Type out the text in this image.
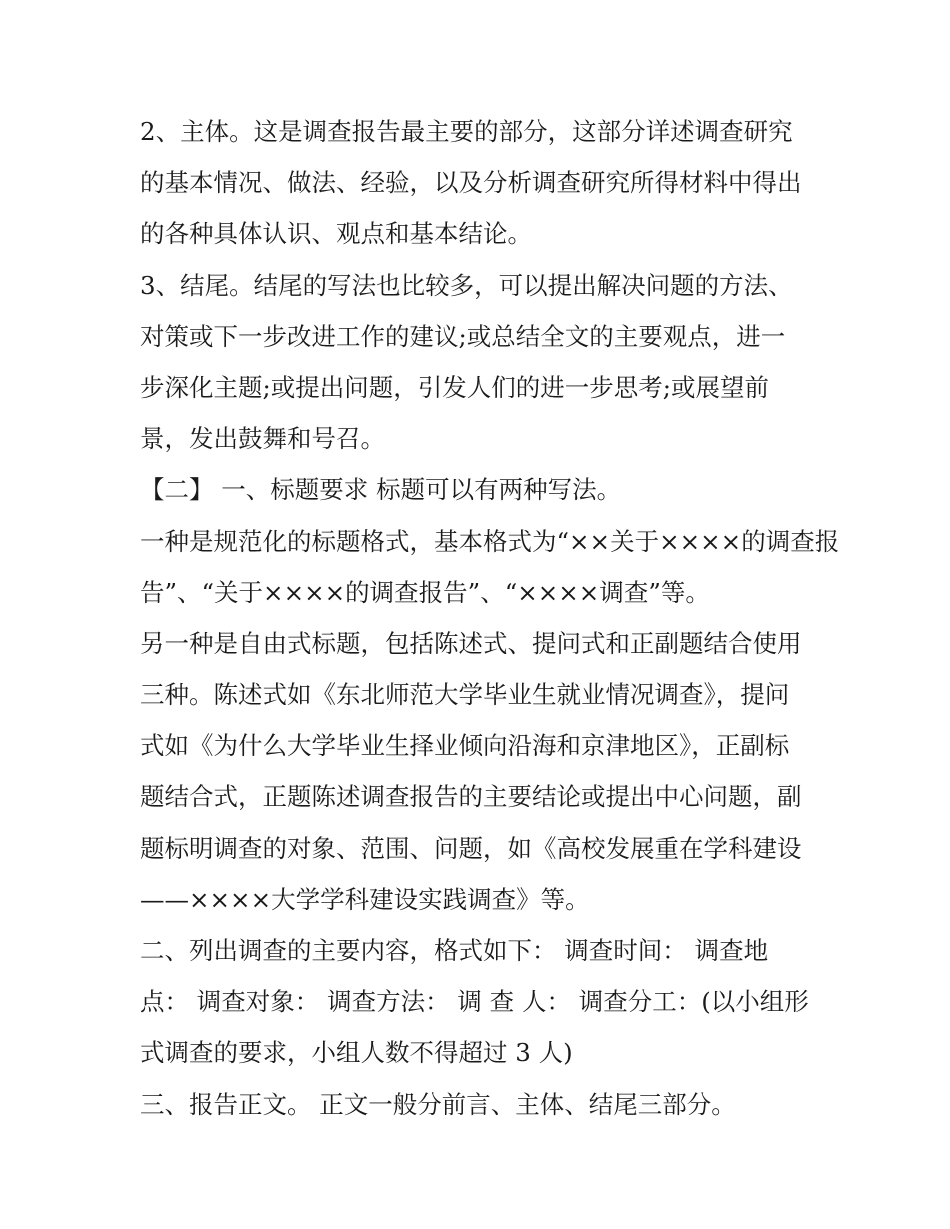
2、主体。这是调查报告最主要的部分，这部分详述调查研究
的基本情况、做法、经验，以及分析调查研究所得材料中得出
的各种具体认识、观点和基本结论。
3、结尾。结尾的写法也比较多，可以提出解决问题的方法、
对策或下一步改进工作的建议;或总结全文的主要观点，进一
步深化主题;或提出问题，引发人们的进一步思考;或展望前
景，发出鼓舞和号召。
【二】 一、标题要求 标题可以有两种写法。
一种是规范化的标题格式，基本格式为“××关于××××的调查报
告”、“关于××××的调查报告”、“××××调查”等。
另一种是自由式标题，包括陈述式、提问式和正副题结合使用
三种。陈述式如《东北师范大学毕业生就业情况调查》，提问
式如《为什么大学毕业生择业倾向沿海和京津地区》，正副标
题结合式，正题陈述调查报告的主要结论或提出中心问题，副
题标明调查的对象、范围、问题，如《高校发展重在学科建设
——××××大学学科建设实践调查》等。
二、列出调查的主要内容，格式如下： 调查时间： 调查地
点： 调查对象： 调查方法： 调 查 人： 调查分工：(以小组形
式调查的要求，小组人数不得超过 3 人)
三、报告正文。 正文一般分前言、主体、结尾三部分。
